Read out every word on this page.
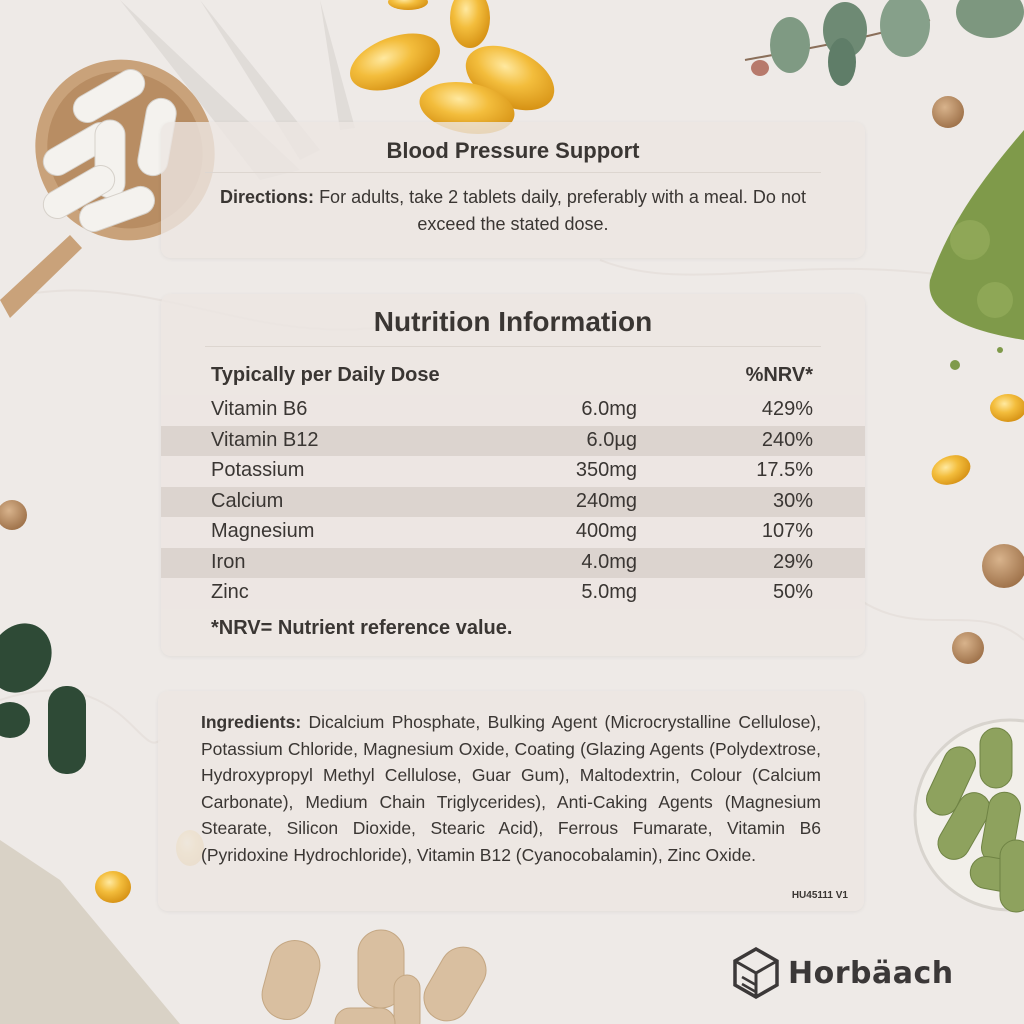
Blood Pressure Support
Directions: For adults, take 2 tablets daily, preferably with a meal. Do not exceed the stated dose.
Nutrition Information
Typically per Daily Dose	%NRV*
Vitamin B6	6.0mg	429%
Vitamin B12	6.0µg	240%
Potassium	350mg	17.5%
Calcium	240mg	30%
Magnesium	400mg	107%
Iron	4.0mg	29%
Zinc	5.0mg	50%
*NRV= Nutrient reference value.
Ingredients: Dicalcium Phosphate, Bulking Agent (Microcrystalline Cellulose), Potassium Chloride, Magnesium Oxide, Coating (Glazing Agents (Polydextrose, Hydroxypropyl Methyl Cellulose, Guar Gum), Maltodextrin, Colour (Calcium Carbonate), Medium Chain Triglycerides), Anti-Caking Agents (Magnesium Stearate, Silicon Dioxide, Stearic Acid), Ferrous Fumarate, Vitamin B6 (Pyridoxine Hydrochloride), Vitamin B12 (Cyanocobalamin), Zinc Oxide.
HU45111 V1
Horbäach
